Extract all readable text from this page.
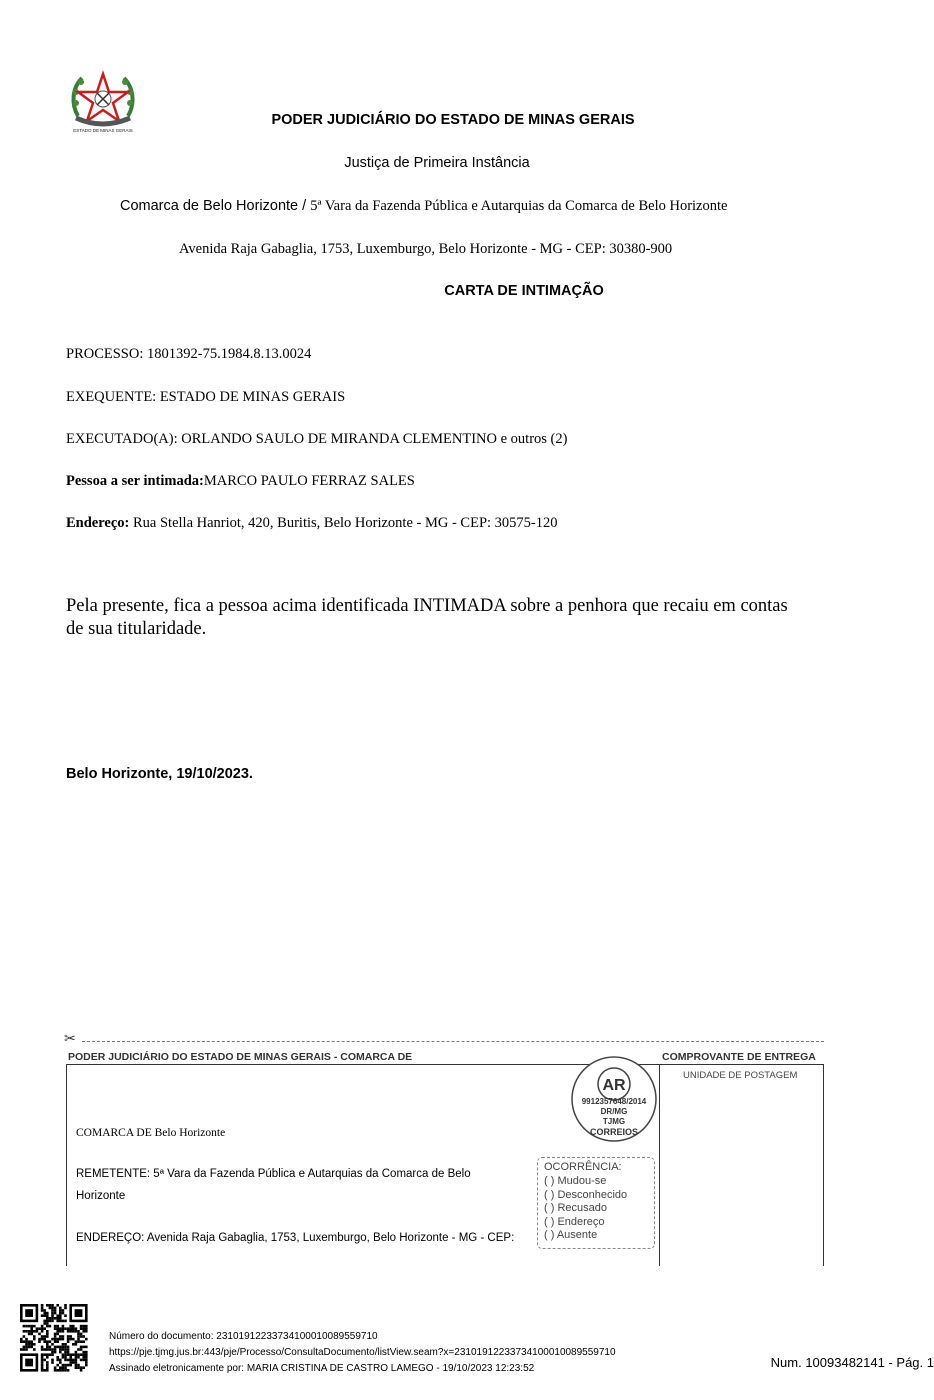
ESTADO DE MINAS GERAIS
PODER JUDICIÁRIO DO ESTADO DE MINAS GERAIS
Justiça de Primeira Instância
Comarca de Belo Horizonte / 5ª Vara da Fazenda Pública e Autarquias da Comarca de Belo Horizonte
Avenida Raja Gabaglia, 1753, Luxemburgo, Belo Horizonte - MG - CEP: 30380-900
CARTA DE INTIMAÇÃO
PROCESSO: 1801392-75.1984.8.13.0024
EXEQUENTE: ESTADO DE MINAS GERAIS
EXECUTADO(A): ORLANDO SAULO DE MIRANDA CLEMENTINO e outros (2)
Pessoa a ser intimada:MARCO PAULO FERRAZ SALES
Endereço: Rua Stella Hanriot, 420, Buritis, Belo Horizonte - MG - CEP: 30575-120
Pela presente, fica a pessoa acima identificada INTIMADA sobre a penhora que recaiu em contas
de sua titularidade.
Belo Horizonte, 19/10/2023.
✂
PODER JUDICIÁRIO DO ESTADO DE MINAS GERAIS - COMARCA DE	COMPROVANTE DE ENTREGA
UNIDADE DE POSTAGEM
AR
9912357648/2014
DR/MG
TJMG
CORREIOS
COMARCA DE Belo Horizonte
REMETENTE: 5ª Vara da Fazenda Pública e Autarquias da Comarca de Belo
Horizonte
ENDEREÇO: Avenida Raja Gabaglia, 1753, Luxemburgo, Belo Horizonte - MG - CEP:
OCORRÊNCIA:
( ) Mudou-se
( ) Desconhecido
( ) Recusado
( ) Endereço
( ) Ausente
Número do documento: 23101912233734100010089559710
https://pje.tjmg.jus.br:443/pje/Processo/ConsultaDocumento/listView.seam?x=23101912233734100010089559710
Assinado eletronicamente por: MARIA CRISTINA DE CASTRO LAMEGO - 19/10/2023 12:23:52	Num. 10093482141 - Pág. 1
